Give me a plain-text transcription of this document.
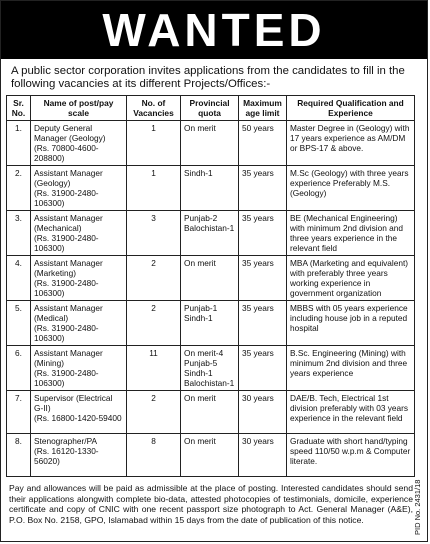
WANTED
A public sector corporation invites applications from the candidates to fill in the following vacancies at its different Projects/Offices:-
Sr. No.	Name of post/pay scale	No. of Vacancies	Provincial quota	Maximum age limit	Required Qualification and Experience

1.	Deputy General Manager (Geology)
(Rs. 70800-4600-208800)	1	On merit	50 years	Master Degree in (Geology) with 17 years experience as AM/DM or BPS-17 & above.

2.	Assistant Manager (Geology)
(Rs. 31900-2480-106300)	1	Sindh-1	35 years	M.Sc (Geology) with three years experience Preferably M.S. (Geology)

3.	Assistant Manager (Mechanical)
(Rs. 31900-2480-106300)	3	Punjab-2 Balochistan-1	35 years	BE (Mechanical Engineering) with minimum 2nd division and three years experience in the relevant field

4.	Assistant Manager (Marketing)
(Rs. 31900-2480-106300)	2	On merit	35 years	MBA (Marketing and equivalent) with preferably three years working experience in government organization

5.	Assistant Manager (Medical)
(Rs. 31900-2480-106300)	2	Punjab-1 Sindh-1	35 years	MBBS with 05 years experience including house job in a reputed hospital

6.	Assistant Manager (Mining)
(Rs. 31900-2480-106300)	11	On merit-4 Punjab-5 Sindh-1 Balochistan-1	35 years	B.Sc. Engineering (Mining) with minimum 2nd division and three years experience

7.	Supervisor (Electrical G-II)
(Rs. 16800-1420-59400	2	On merit	30 years	DAE/B. Tech, Electrical 1st division preferably with 03 years experience in the relevant field

8.	Stenographer/PA
(Rs. 16120-1330-56020)	8	On merit	30 years	Graduate with short hand/typing speed 110/50 w.p.m & Computer literate.
Pay and allowances will be paid as admissible at the place of posting. Interested candidates should send their applications alongwith complete bio-data, attested photocopies of testimonials, domicile, experience certificate and copy of CNIC with one recent passport size photograph to Act. General Manager (A&E), P.O. Box No. 2158, GPO, Islamabad within 15 days from the date of publication of this notice.	PID No. 2431/18
